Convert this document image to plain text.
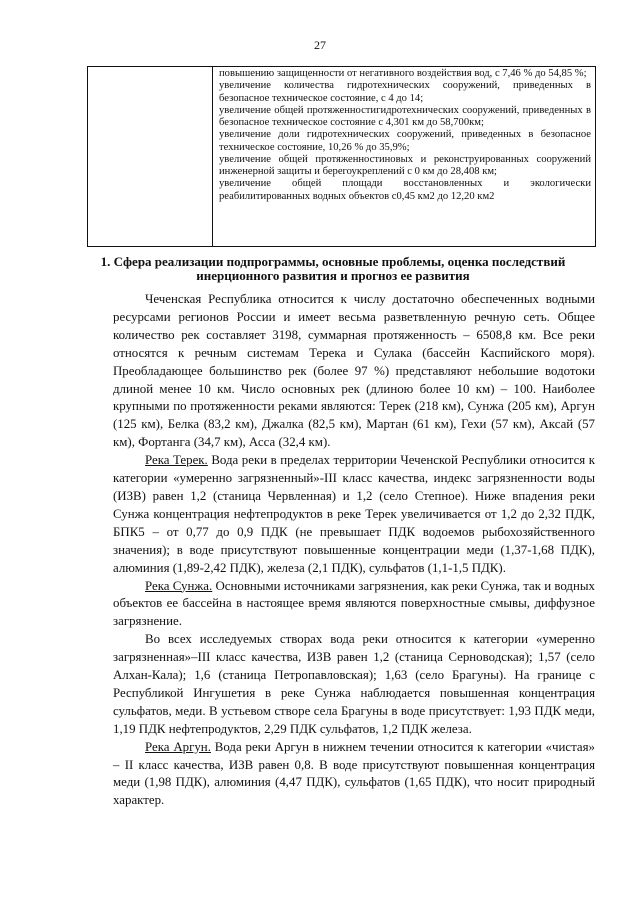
27

повышению защищенности от негативного воздействия вод, с 7,46 % до 54,85 %;
увеличение количества гидротехнических сооружений, приведенных в безопасное техническое состояние, с 4 до 14;
увеличение общей протяженностигидротехнических сооружений, приведенных в безопасное техническое состояние с 4,301 км до 58,700км;
увеличение доли гидротехнических сооружений, приведенных в безопасное техническое состояние, 10,26 % до 35,9%;
увеличение общей протяженностиновых и реконструированных сооружений инженерной защиты и берегоукреплений с 0 км до 28,408 км;
увеличение общей площади восстановленных и экологически реабилитированных водных объектов с0,45 км2 до 12,20 км2
1. Сфера реализации подпрограммы, основные проблемы, оценка последствий инерционного развития и прогноз ее развития

Чеченская Республика относится к числу достаточно обеспеченных водными ресурсами регионов России и имеет весьма разветвленную речную сеть. Общее количество рек составляет 3198, суммарная протяженность – 6508,8 км. Все реки относятся к речным системам Терека и Сулака (бассейн Каспийского моря). Преобладающее большинство рек (более 97 %) представляют небольшие водотоки длиной менее 10 км. Число основных рек (длиною более 10 км) – 100. Наиболее крупными по протяженности реками являются: Терек (218 км), Сунжа (205 км), Аргун (125 км), Белка (83,2 км), Джалка (82,5 км), Мартан (61 км), Гехи (57 км), Аксай (57 км), Фортанга (34,7 км), Асса (32,4 км).

Река Терек. Вода реки в пределах территории Чеченской Республики относится к категории «умеренно загрязненный»-III класс качества, индекс загрязненности воды (ИЗВ) равен 1,2 (станица Червленная) и 1,2 (село Степное). Ниже впадения реки Сунжа концентрация нефтепродуктов в реке Терек увеличивается от 1,2 до 2,32 ПДК, БПК5 – от 0,77 до 0,9 ПДК (не превышает ПДК водоемов рыбохозяйственного значения); в воде присутствуют повышенные концентрации меди (1,37-1,68 ПДК), алюминия (1,89-2,42 ПДК), железа (2,1 ПДК), сульфатов (1,1-1,5 ПДК).

Река Сунжа. Основными источниками загрязнения, как реки Сунжа, так и водных объектов ее бассейна в настоящее время являются поверхностные смывы, диффузное загрязнение.

Во всех исследуемых створах вода реки относится к категории «умеренно загрязненная»–III класс качества, ИЗВ равен 1,2 (станица Серноводская); 1,57 (село Алхан-Кала); 1,6 (станица Петропавловская); 1,63 (село Брагуны). На границе с Республикой Ингушетия в реке Сунжа наблюдается повышенная концентрация сульфатов, меди. В устьевом створе села Брагуны в воде присутствует: 1,93 ПДК меди, 1,19 ПДК нефтепродуктов, 2,29 ПДК сульфатов, 1,2 ПДК железа.

Река Аргун. Вода реки Аргун в нижнем течении относится к категории «чистая» – II класс качества, ИЗВ равен 0,8. В воде присутствуют повышенная концентрация меди (1,98 ПДК), алюминия (4,47 ПДК), сульфатов (1,65 ПДК), что носит природный характер.
